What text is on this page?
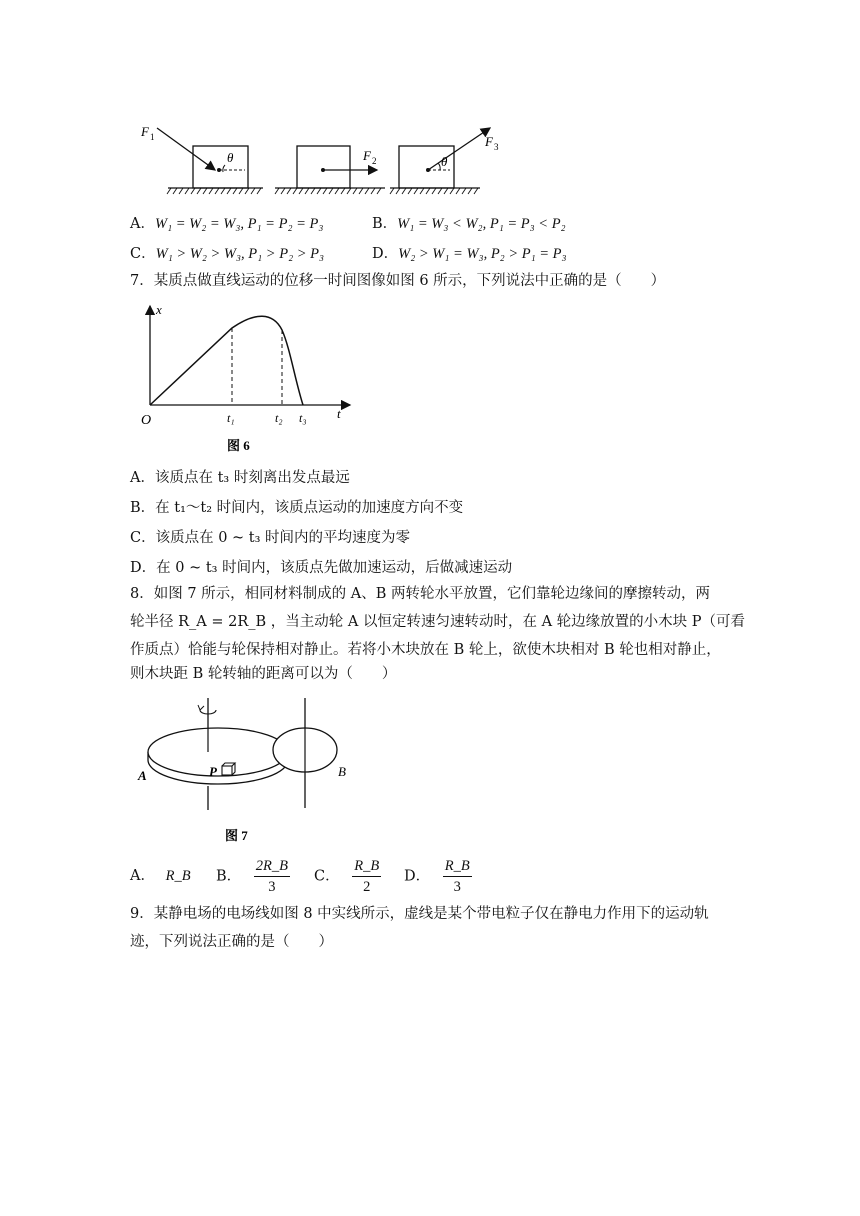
F 1
θ	F 2	θ
F 3
A．W₁ = W₂ = W₃, P₁ = P₂ = P₃	B．W₁ = W₃ < W₂, P₁ = P₃ < P₂
C．W₁ > W₂ > W₃, P₁ > P₂ > P₃	D．W₂ > W₁ = W₃, P₂ > P₁ = P₃
7．某质点做直线运动的位移一时间图像如图 6 所示，下列说法中正确的是（　　）
x
t
O	t₁	t₂ t₃
图 6
A．该质点在 t₃ 时刻离出发点最远
B．在 t₁～t₂ 时间内，该质点运动的加速度方向不变
C．该质点在 0 ~ t₃ 时间内的平均速度为零
D．在 0 ~ t₃ 时间内，该质点先做加速运动，后做减速运动
8．如图 7 所示，相同材料制成的 A、B 两转轮水平放置，它们靠轮边缘间的摩擦转动，两
轮半径 R_A = 2R_B ，当主动轮 A 以恒定转速匀速转动时，在 A 轮边缘放置的小木块 P（可看
作质点）恰能与轮保持相对静止。若将小木块放在 B 轮上，欲使木块相对 B 轮也相对静止，
则木块距 B 轮转轴的距离可以为（　　）
P
A	B
图 7
A． R_B B． $\frac{2R\_B}{3}$ C． $\frac{R\_B}{2}$ D． $\frac{R\_B}{3}$
9．某静电场的电场线如图 8 中实线所示，虚线是某个带电粒子仅在静电力作用下的运动轨
迹，下列说法正确的是（　　）
